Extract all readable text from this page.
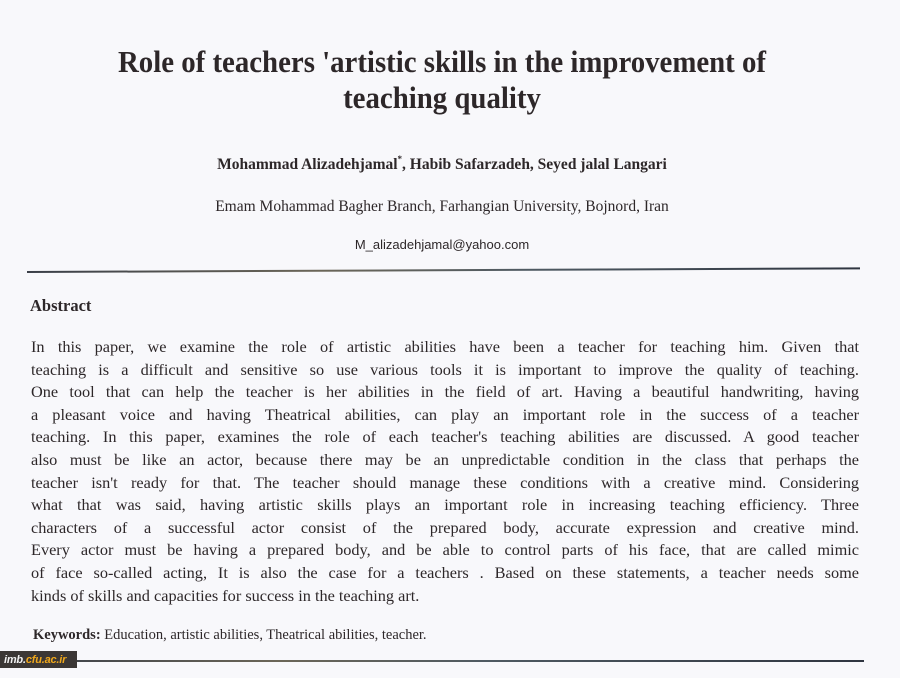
Role of teachers 'artistic skills in the improvement of
teaching quality
Mohammad Alizadehjamal*, Habib Safarzadeh, Seyed jalal Langari
Emam Mohammad Bagher Branch, Farhangian University, Bojnord, Iran
M_alizadehjamal@yahoo.com
Abstract
In this paper, we examine the role of artistic abilities have been a teacher for teaching him. Given that
teaching is a difficult and sensitive so use various tools it is important to improve the quality of teaching.
One tool that can help the teacher is her abilities in the field of art. Having a beautiful handwriting, having
a pleasant voice and having Theatrical abilities, can play an important role in the success of a teacher
teaching. In this paper, examines the role of each teacher's teaching abilities are discussed. A good teacher
also must be like an actor, because there may be an unpredictable condition in the class that perhaps the
teacher isn't ready for that. The teacher should manage these conditions with a creative mind. Considering
what that was said, having artistic skills plays an important role in increasing teaching efficiency. Three
characters of a successful actor consist of the prepared body, accurate expression and creative mind.
Every actor must be having a prepared body, and be able to control parts of his face, that are called mimic
of face so-called acting, It is also the case for a teachers . Based on these statements, a teacher needs some
kinds of skills and capacities for success in the teaching art.
Keywords: Education, artistic abilities, Theatrical abilities, teacher.
imb. cfu.ac.ir
